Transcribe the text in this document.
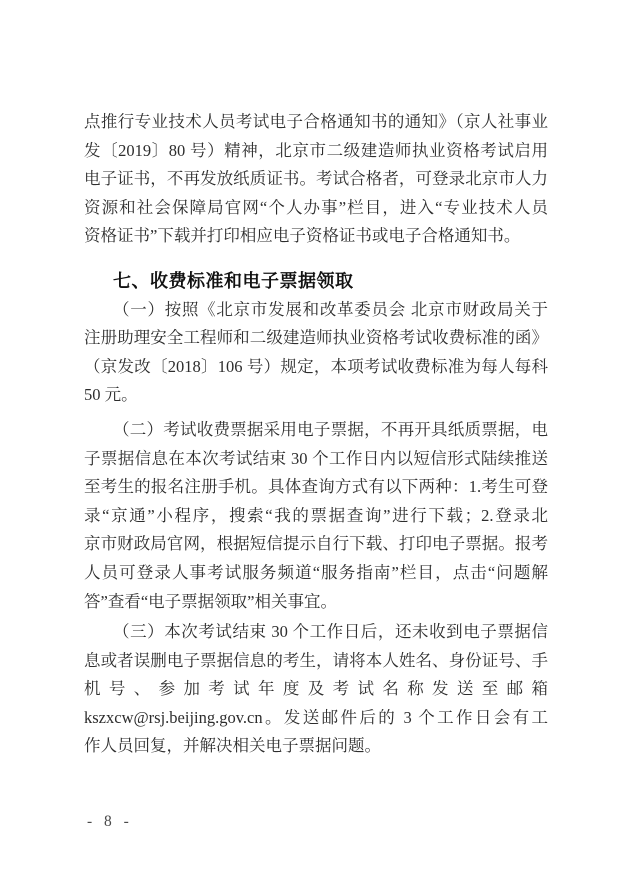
点推行专业技术人员考试电子合格通知书的通知》（京人社事业
发〔2019〕80 号）精神，北京市二级建造师执业资格考试启用
电子证书，不再发放纸质证书。考试合格者，可登录北京市人力
资源和社会保障局官网“个人办事”栏目，进入“专业技术人员
资格证书”下载并打印相应电子资格证书或电子合格通知书。
七、收费标准和电子票据领取
（一）按照《北京市发展和改革委员会 北京市财政局关于
注册助理安全工程师和二级建造师执业资格考试收费标准的函》
（京发改〔2018〕106 号）规定，本项考试收费标准为每人每科
50 元。
（二）考试收费票据采用电子票据，不再开具纸质票据，电
子票据信息在本次考试结束 30 个工作日内以短信形式陆续推送
至考生的报名注册手机。具体查询方式有以下两种：1.考生可登
录“京通”小程序，搜索“我的票据查询”进行下载；2.登录北
京市财政局官网，根据短信提示自行下载、打印电子票据。报考
人员可登录人事考试服务频道“服务指南”栏目，点击“问题解
答”查看“电子票据领取”相关事宜。
（三）本次考试结束 30 个工作日后，还未收到电子票据信
息或者误删电子票据信息的考生，请将本人姓名、身份证号、手
机号、参加考试年度及考试名称发送至邮箱
kszxcw@rsj.beijing.gov.cn。发送邮件后的 3 个工作日会有工
作人员回复，并解决相关电子票据问题。
- 8 -
